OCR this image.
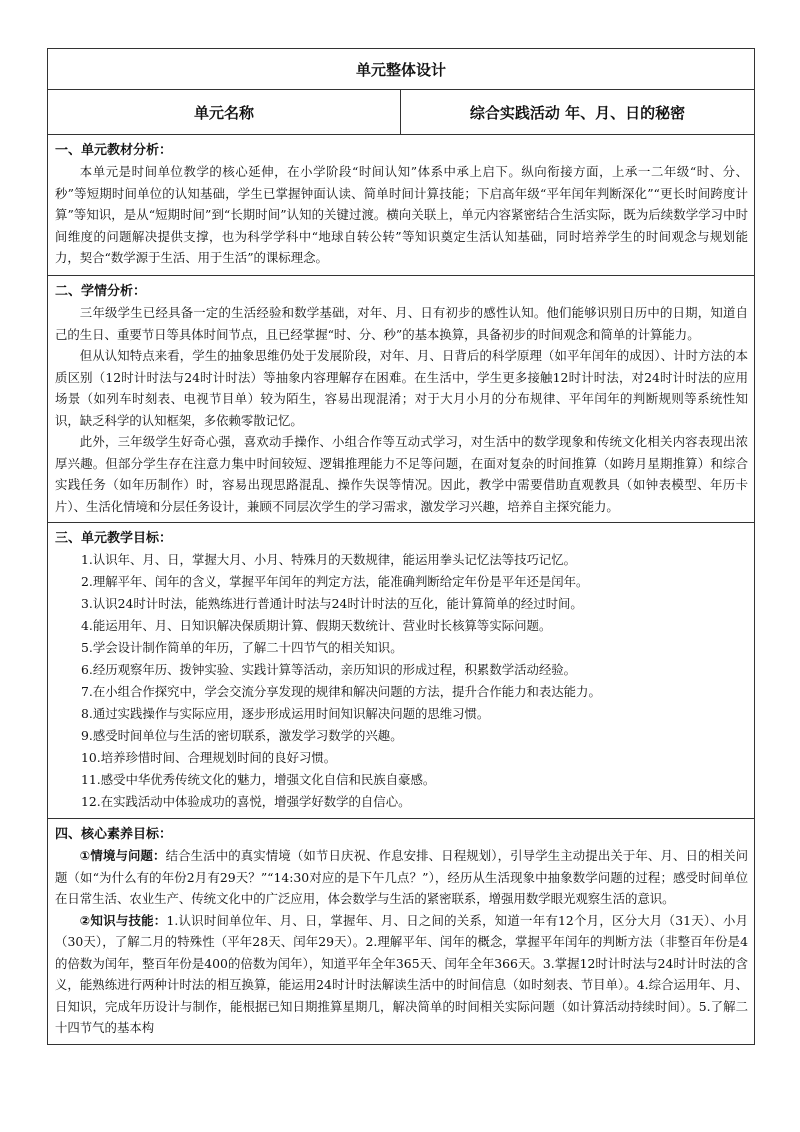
单元整体设计
单元名称	综合实践活动 年、月、日的秘密

一、单元教材分析：

本单元是时间单位教学的核心延伸，在小学阶段“时间认知”体系中承上启下。纵向衔接方面，上承一二年级“时、分、秒”等短期时间单位的认知基础，学生已掌握钟面认读、简单时间计算技能；下启高年级“平年闰年判断深化”“更长时间跨度计算”等知识，是从“短期时间”到“长期时间”认知的关键过渡。横向关联上，单元内容紧密结合生活实际，既为后续数学学习中时间维度的问题解决提供支撑，也为科学学科中“地球自转公转”等知识奠定生活认知基础，同时培养学生的时间观念与规划能力，契合“数学源于生活、用于生活”的课标理念。

二、学情分析：

三年级学生已经具备一定的生活经验和数学基础，对年、月、日有初步的感性认知。他们能够识别日历中的日期，知道自己的生日、重要节日等具体时间节点，且已经掌握“时、分、秒”的基本换算，具备初步的时间观念和简单的计算能力。

但从认知特点来看，学生的抽象思维仍处于发展阶段，对年、月、日背后的科学原理（如平年闰年的成因）、计时方法的本质区别（12时计时法与24时计时法）等抽象内容理解存在困难。在生活中，学生更多接触12时计时法，对24时计时法的应用场景（如列车时刻表、电视节目单）较为陌生，容易出现混淆；对于大月小月的分布规律、平年闰年的判断规则等系统性知识，缺乏科学的认知框架，多依赖零散记忆。

此外，三年级学生好奇心强，喜欢动手操作、小组合作等互动式学习，对生活中的数学现象和传统文化相关内容表现出浓厚兴趣。但部分学生存在注意力集中时间较短、逻辑推理能力不足等问题，在面对复杂的时间推算（如跨月星期推算）和综合实践任务（如年历制作）时，容易出现思路混乱、操作失误等情况。因此，教学中需要借助直观教具（如钟表模型、年历卡片）、生活化情境和分层任务设计，兼顾不同层次学生的学习需求，激发学习兴趣，培养自主探究能力。

三、单元教学目标：

1.认识年、月、日，掌握大月、小月、特殊月的天数规律，能运用拳头记忆法等技巧记忆。

2.理解平年、闰年的含义，掌握平年闰年的判定方法，能准确判断给定年份是平年还是闰年。

3.认识24时计时法，能熟练进行普通计时法与24时计时法的互化，能计算简单的经过时间。

4.能运用年、月、日知识解决保质期计算、假期天数统计、营业时长核算等实际问题。

5.学会设计制作简单的年历，了解二十四节气的相关知识。

6.经历观察年历、拨钟实验、实践计算等活动，亲历知识的形成过程，积累数学活动经验。

7.在小组合作探究中，学会交流分享发现的规律和解决问题的方法，提升合作能力和表达能力。

8.通过实践操作与实际应用，逐步形成运用时间知识解决问题的思维习惯。

9.感受时间单位与生活的密切联系，激发学习数学的兴趣。

10.培养珍惜时间、合理规划时间的良好习惯。

11.感受中华优秀传统文化的魅力，增强文化自信和民族自豪感。

12.在实践活动中体验成功的喜悦，增强学好数学的自信心。

四、核心素养目标：

①情境与问题：结合生活中的真实情境（如节日庆祝、作息安排、日程规划），引导学生主动提出关于年、月、日的相关问题（如“为什么有的年份2月有29天？”“14:30对应的是下午几点？”），经历从生活现象中抽象数学问题的过程；感受时间单位在日常生活、农业生产、传统文化中的广泛应用，体会数学与生活的紧密联系，增强用数学眼光观察生活的意识。

②知识与技能：1.认识时间单位年、月、日，掌握年、月、日之间的关系，知道一年有12个月，区分大月（31天）、小月（30天），了解二月的特殊性（平年28天、闰年29天）。2.理解平年、闰年的概念，掌握平年闰年的判断方法（非整百年份是4的倍数为闰年，整百年份是400的倍数为闰年），知道平年全年365天、闰年全年366天。3.掌握12时计时法与24时计时法的含义，能熟练进行两种计时法的相互换算，能运用24时计时法解读生活中的时间信息（如时刻表、节目单）。4.综合运用年、月、日知识，完成年历设计与制作，能根据已知日期推算星期几，解决简单的时间相关实际问题（如计算活动持续时间）。5.了解二十四节气的基本构
